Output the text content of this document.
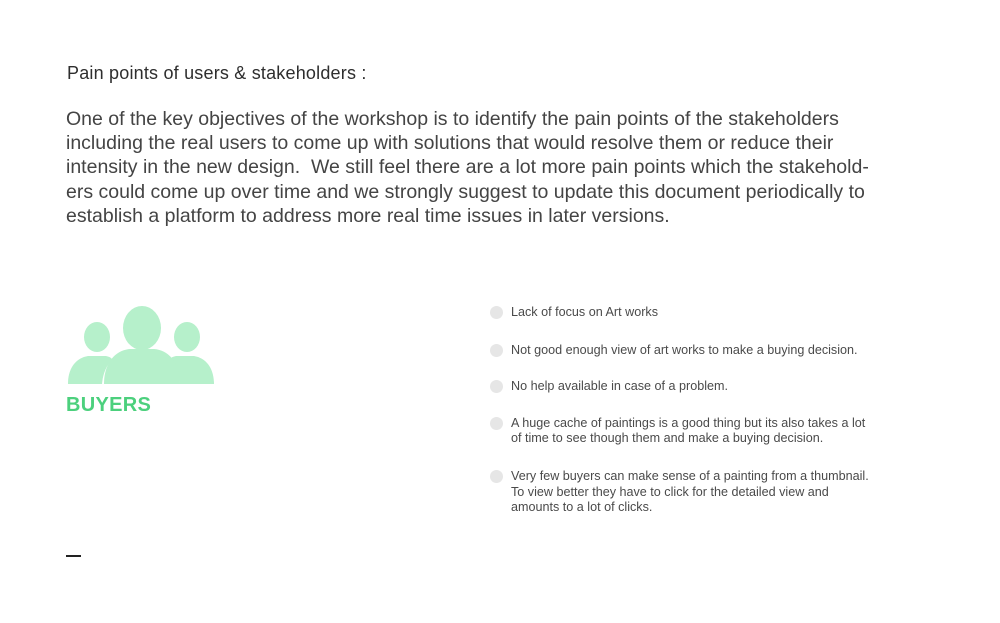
Pain points of users & stakeholders :

One of the key objectives of the workshop is to identify the pain points of the stakeholders
including the real users to come up with solutions that would resolve them or reduce their
intensity in the new design.  We still feel there are a lot more pain points which the stakehold-
ers could come up over time and we strongly suggest to update this document periodically to
establish a platform to address more real time issues in later versions.

BUYERS
Lack of focus on Art works
Not good enough view of art works to make a buying decision.
No help available in case of a problem.
A huge cache of paintings is a good thing but its also takes a lot
of time to see though them and make a buying decision.
Very few buyers can make sense of a painting from a thumbnail.
To view better they have to click for the detailed view and
amounts to a lot of clicks.
